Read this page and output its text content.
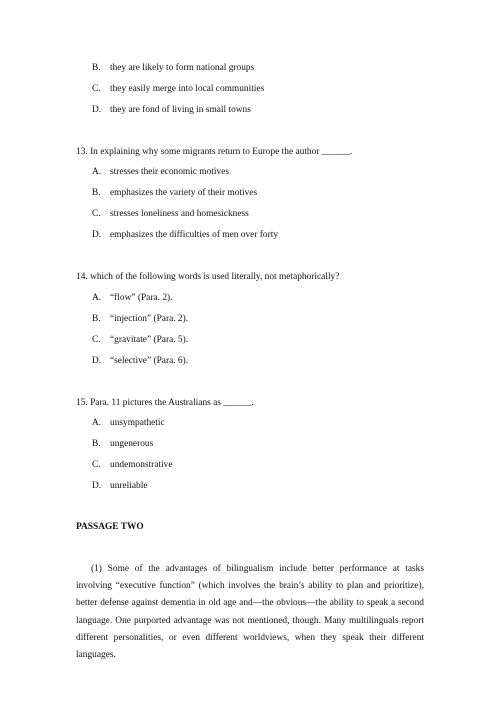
B. they are likely to form national groups
C. they easily merge into local communities
D. they are fond of living in small towns
13. In explaining why some migrants return to Europe the author ______.
A. stresses their economic motives
B. emphasizes the variety of their motives
C. stresses loneliness and homesickness
D. emphasizes the difficulties of men over forty
14. which of the following words is used literally, not metaphorically?
A. “flow” (Para. 2).
B. “injection” (Para. 2).
C. “gravitate” (Para. 5).
D. “selective” (Para. 6).
15. Para. 11 pictures the Australians as ______.
A. unsympathetic
B. ungenerous
C. undemonstrative
D. unreliable
PASSAGE TWO
(1) Some of the advantages of bilingualism include better performance at tasks involving “executive function” (which involves the brain’s ability to plan and prioritize), better defense against dementia in old age and—the obvious—the ability to speak a second language. One purported advantage was not mentioned, though. Many multilinguals report different personalities, or even different worldviews, when they speak their different languages.
